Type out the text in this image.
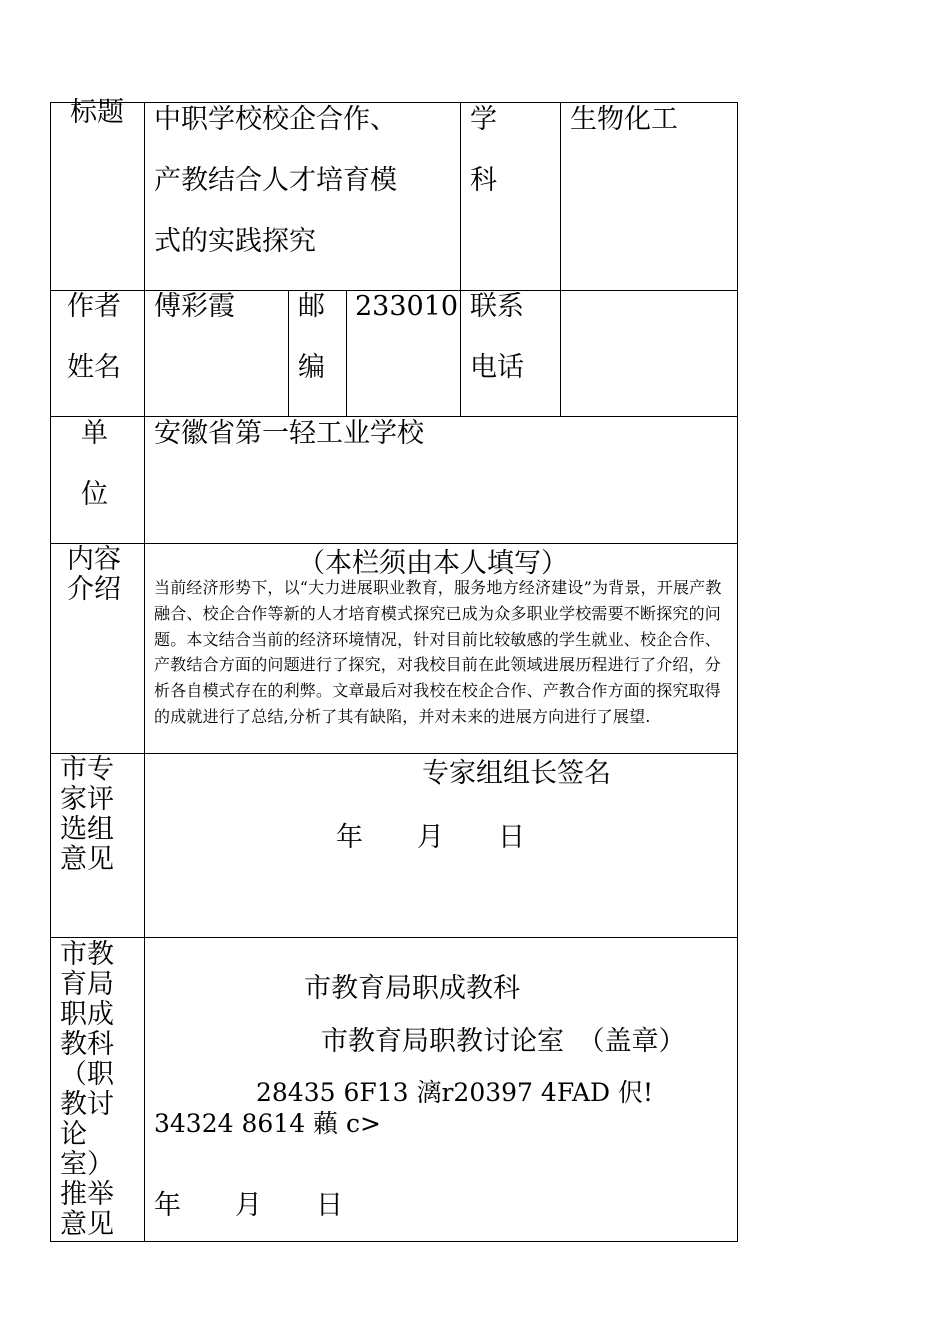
标题	中职学校校企合作、
产教结合人才培育模
式的实践探究
学科
生物化工
作者姓名
傅彩霞 邮编
233010 联系电话
单位
安徽省第一轻工业学校
内容介绍
（本栏须由本人填写）
当前经济形势下，以“大力进展职业教育，服务地方经济建设”为背景，开展产教融合、校企合作等新的人才培育模式探究已成为众多职业学校需要不断探究的问题。本文结合当前的经济环境情况，针对目前比较敏感的学生就业、校企合作、产教结合方面的问题进行了探究，对我校目前在此领域进展历程进行了介绍，分析各自模式存在的利弊。文章最后对我校在校企合作、产教合作方面的探究取得的成就进行了总结,分析了其有缺陷，并对未来的进展方向进行了展望.
市专家评选组意见
专家组组长签名
年　　月　　日
市教育局职成教科（职教讨论室）推举意见
市教育局职成教科
市教育局职教讨论室　（盖章）
28435 6F13 漓r20397 4FAD 伬!
34324 8614 藾 c>
年　　月　　日
